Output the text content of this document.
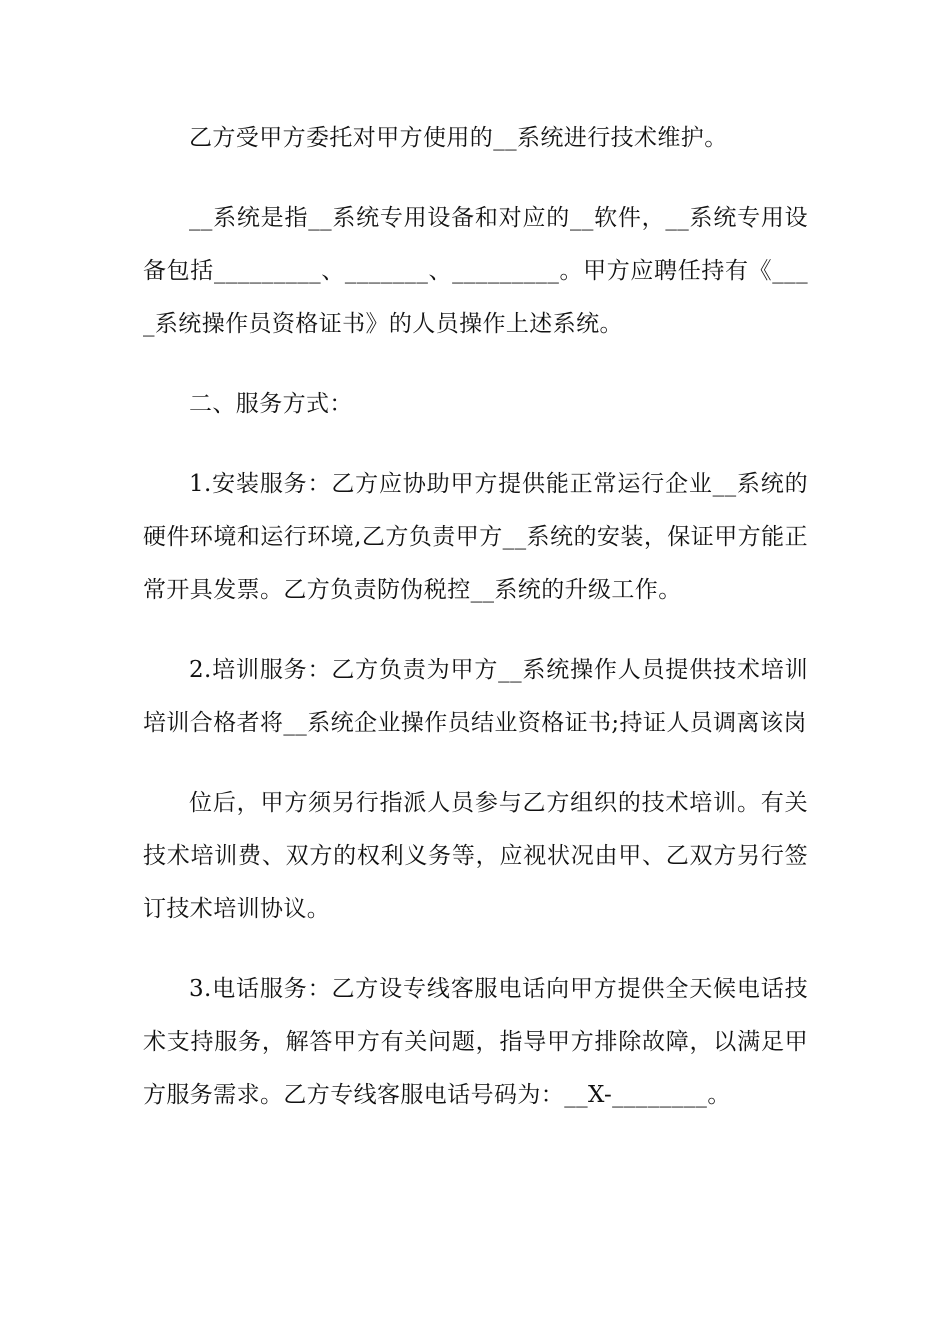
乙方受甲方委托对甲方使用的__系统进行技术维护。

__系统是指__系统专用设备和对应的__软件，__系统专用设备包括_________、_______、_________。甲方应聘任持有《____系统操作员资格证书》的人员操作上述系统。

二、服务方式：

1.安装服务：乙方应协助甲方提供能正常运行企业__系统的硬件环境和运行环境,乙方负责甲方__系统的安装，保证甲方能正常开具发票。乙方负责防伪税控__系统的升级工作。

2.培训服务：乙方负责为甲方__系统操作人员提供技术培训培训合格者将__系统企业操作员结业资格证书;持证人员调离该岗

位后，甲方须另行指派人员参与乙方组织的技术培训。有关技术培训费、双方的权利义务等，应视状况由甲、乙双方另行签订技术培训协议。

3.电话服务：乙方设专线客服电话向甲方提供全天候电话技术支持服务，解答甲方有关问题，指导甲方排除故障，以满足甲方服务需求。乙方专线客服电话号码为：__X-________。
